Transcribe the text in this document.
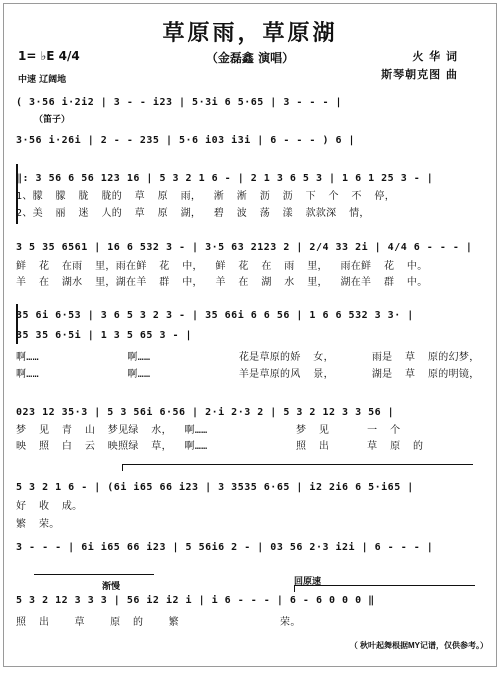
草原雨，草原湖
（金磊鑫 演唱）	火 华 词
斯琴朝克图 曲
1= ♭E 4/4
中速 辽阔地
( 3·56 i·2i2 | 3 - - i23 | 5·3i 6 5·65 | 3 - - - |
（笛子）
3·56 i·26i | 2 - - 235 | 5·6 i03 i3i | 6 - - - ) 6 |
‖: 3 56 6 56 123 16 | 5 3 2 1 6 - | 2 1 3 6 5 3 | 1 6 1 25 3 - |
1、朦  朦  胧  胧的  草  原  雨，  淅  淅  沥  沥  下  个  不  停，
2、美  丽  迷  人的  草  原  湖，  碧  波  荡  漾  款款深  情，
3 5 35 6561 | 16 6 532 3 - | 3·5 63 2123 2 | 2/4 33 2i | 4/4 6 - - - |
鲜  花  在雨  里，雨在鲜  花  中，  鲜  花  在  雨  里，  雨在鲜  花  中。
羊  在  湖水  里，湖在羊  群  中，  羊  在  湖  水  里，  湖在羊  群  中。
35 6i 6·53 | 3 6 5 3 2 3 - | 35 66i 6 6 56 | 1 6 6 532 3 3· |
35 35 6·5i | 1 3 5 65 3 - |
啊……              啊……              花是草原的娇  女，      雨是  草  原的幻梦，
啊……              啊……              羊是草原的风  景，      湖是  草  原的明镜，
023 12 35·3 | 5 3 56i 6·56 | 2·i 2·3 2 | 5 3 2 12 3 3 56 |
梦  见  青  山  梦见绿  水，  啊……              梦  见      一  个
映  照  白  云  映照绿  草，  啊……              照  出      草  原  的
5 3 2 1 6 - | (6i i65 66 i23 | 3 3535 6·65 | i2 2i6 6 5·i65 |
好  收  成。
繁  荣。
3 - - - | 6i i65 66 i23 | 5 56i6 2 - | 03 56 2·3 i2i | 6 - - - |
渐慢	回原速
5 3 2 12 3 3 3 | 56 i2 i2 i | i 6 - - - | 6 - 6 0 0 0 ‖
照  出    草    原  的    繁                荣。
（ 秋叶起舞根据MY记谱，仅供参考。）
